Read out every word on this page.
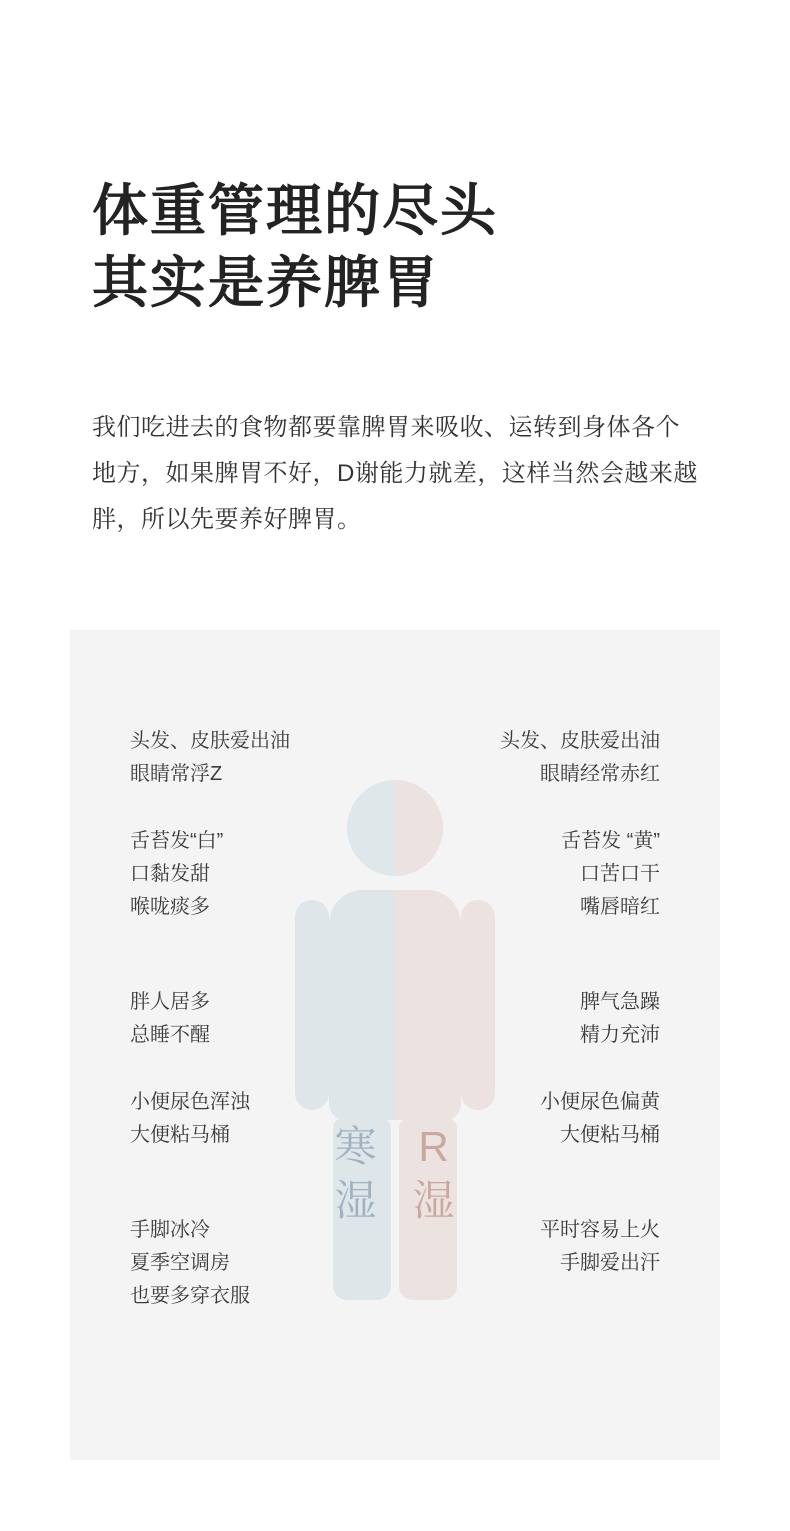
体重管理的尽头
其实是养脾胃

我们吃进去的食物都要靠脾胃来吸收、运转到身体各个地方，如果脾胃不好，D谢能力就差，这样当然会越来越胖，所以先要养好脾胃。

寒
湿
R
湿
头发、皮肤爱出油
眼睛常浮Z
舌苔发“白”
口黏发甜
喉咙痰多
胖人居多
总睡不醒
小便尿色浑浊
大便粘马桶
手脚冰冷
夏季空调房
也要多穿衣服
头发、皮肤爱出油
眼睛经常赤红
舌苔发 “黄”
口苦口干
嘴唇暗红
脾气急躁
精力充沛
小便尿色偏黄
大便粘马桶
平时容易上火
手脚爱出汗
